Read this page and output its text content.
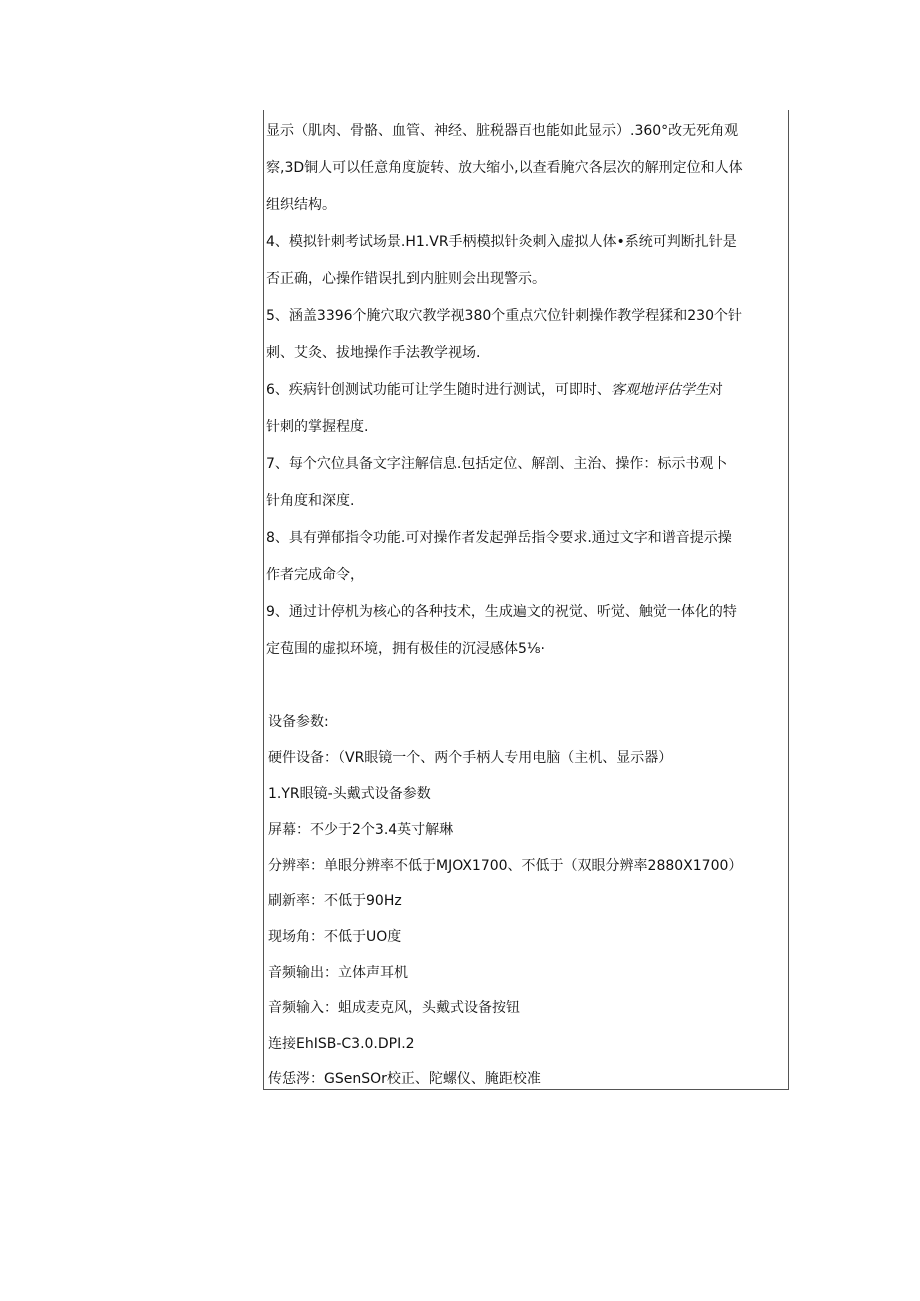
显示（肌肉、骨骼、血管、神经、脏税器百也能如此显示）.360°改无死角观
察,3D铜人可以任意角度旋转、放大缩小,以查看腌穴各层次的解刑定位和人体
组织结构。
4、模拟针刺考试场景.H1.VR手柄模拟针灸刺入虚拟人体•系统可判断扎针是
否正确，心操作错误扎到内脏则会出现警示。
5、涵盖3396个腌穴取穴教学视380个重点穴位针刺操作教学程猱和230个针
刺、艾灸、拔地操作手法教学视场.
6、疾病针创测试功能可让学生随时进行测试，可即时、客观地评估学生对
针刺的掌握程度.
7、每个穴位具备文字注解信息.包括定位、解剖、主治、操作：标示书观卜
针角度和深度.
8、具有弹郁指令功能.可对操作者发起弹岳指令要求.通过文字和谱音提示操
作者完成命令，
9、通过计停机为核心的各种技术，生成遍文的祝觉、听觉、触觉一体化的特
定苞围的虚拟环境，拥有极佳的沉浸感体5⅛·
设备参数:
硬件设备：（VR眼镜一个、两个手柄人专用电脑（主机、显示器）
1.YR眼镜-头戴式设备参数
屏幕：不少于2个3.4英寸解琳
分辨率：单眼分辨率不低于MJOX1700、不低于（双眼分辨率2880X1700）
刷新率：不低于90Hz
现场角：不低于UO度
音频输出：立体声耳机
音频输入：蛆成麦克风，头戴式设备按钮
连接EhISB-C3.0.DPI.2
传恁涔：GSenSOr校正、陀螺仪、腌距校准
